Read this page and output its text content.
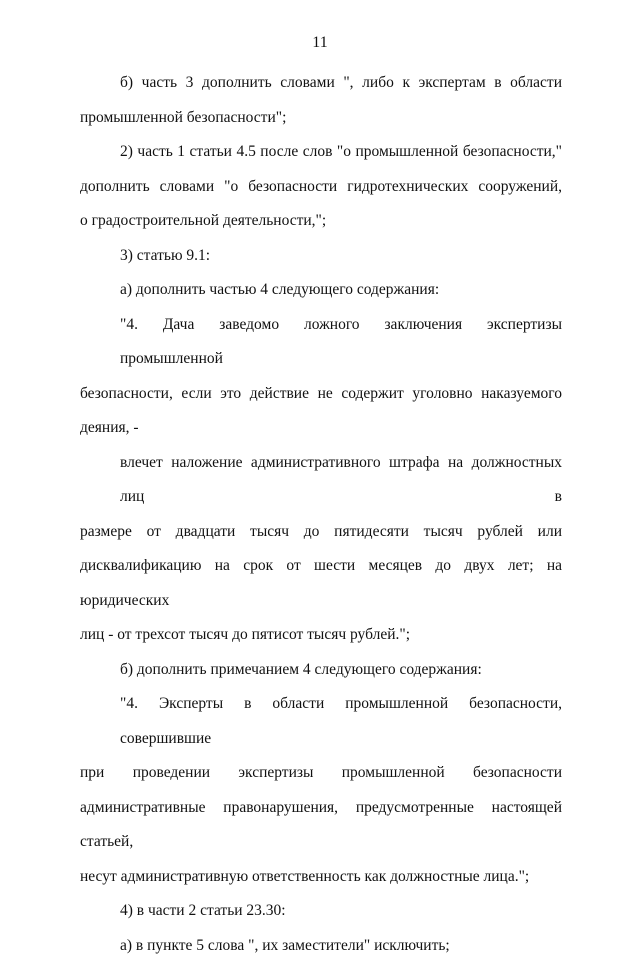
11
б) часть 3 дополнить словами ", либо к экспертам в области
промышленной безопасности";
2) часть 1 статьи 4.5 после слов "о промышленной безопасности,"
дополнить словами "о безопасности гидротехнических сооружений,
о градостроительной деятельности,";
3) статью 9.1:
а) дополнить частью 4 следующего содержания:
"4. Дача заведомо ложного заключения экспертизы промышленной
безопасности, если это действие не содержит уголовно наказуемого
деяния, -
влечет наложение административного штрафа на должностных лиц в
размере от двадцати тысяч до пятидесяти тысяч рублей или
дисквалификацию на срок от шести месяцев до двух лет; на юридических
лиц - от трехсот тысяч до пятисот тысяч рублей.";
б) дополнить примечанием 4 следующего содержания:
"4. Эксперты в области промышленной безопасности, совершившие
при проведении экспертизы промышленной безопасности
административные правонарушения, предусмотренные настоящей статьей,
несут административную ответственность как должностные лица.";
4) в части 2 статьи 23.30:
а) в пункте 5 слова ", их заместители" исключить;
